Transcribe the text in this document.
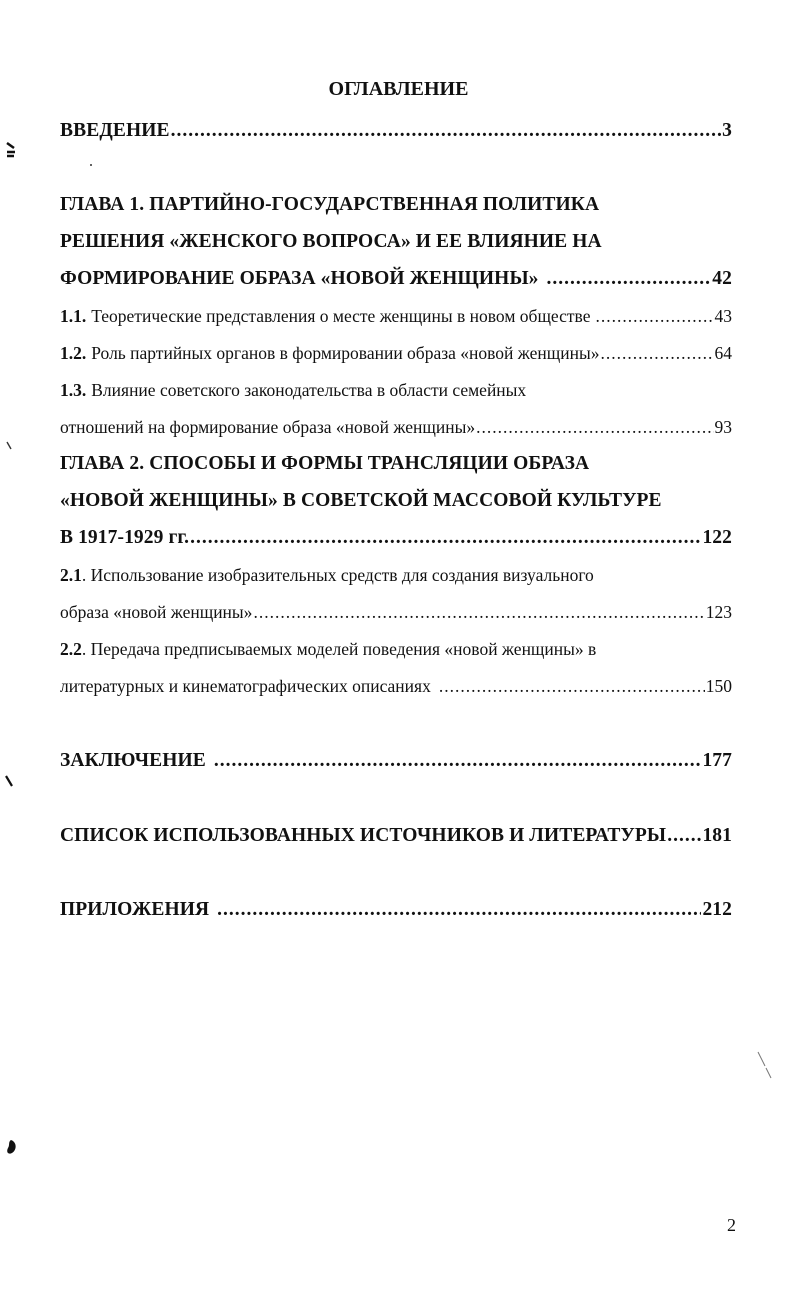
ОГЛАВЛЕНИЕ
ВВЕДЕНИЕ .....	3
ГЛАВА 1. ПАРТИЙНО-ГОСУДАРСТВЕННАЯ ПОЛИТИКА
РЕШЕНИЯ «ЖЕНСКОГО ВОПРОСА» И ЕЕ ВЛИЯНИЕ НА
ФОРМИРОВАНИЕ ОБРАЗА «НОВОЙ ЖЕНЩИНЫ» .....	42
1.1. Теоретические представления о месте женщины в новом обществе .....	43
1.2. Роль партийных органов в формировании образа «новой женщины» .....	64
1.3. Влияние советского законодательства в области семейных
отношений на формирование образа «новой женщины» .....	93
ГЛАВА 2. СПОСОБЫ И ФОРМЫ ТРАНСЛЯЦИИ ОБРАЗА
«НОВОЙ ЖЕНЩИНЫ» В СОВЕТСКОЙ МАССОВОЙ КУЛЬТУРЕ
В 1917-1929 гг. .....	122
2.1 . Использование изобразительных средств для создания визуального
образа «новой женщины» .....	123
2.2 . Передача предписываемых моделей поведения «новой женщины» в
литературных и кинематографических описаниях .....	150
ЗАКЛЮЧЕНИЕ .....	177
СПИСОК ИСПОЛЬЗОВАННЫХ ИСТОЧНИКОВ И ЛИТЕРАТУРЫ ..... 181
ПРИЛОЖЕНИЯ .....	212
2
